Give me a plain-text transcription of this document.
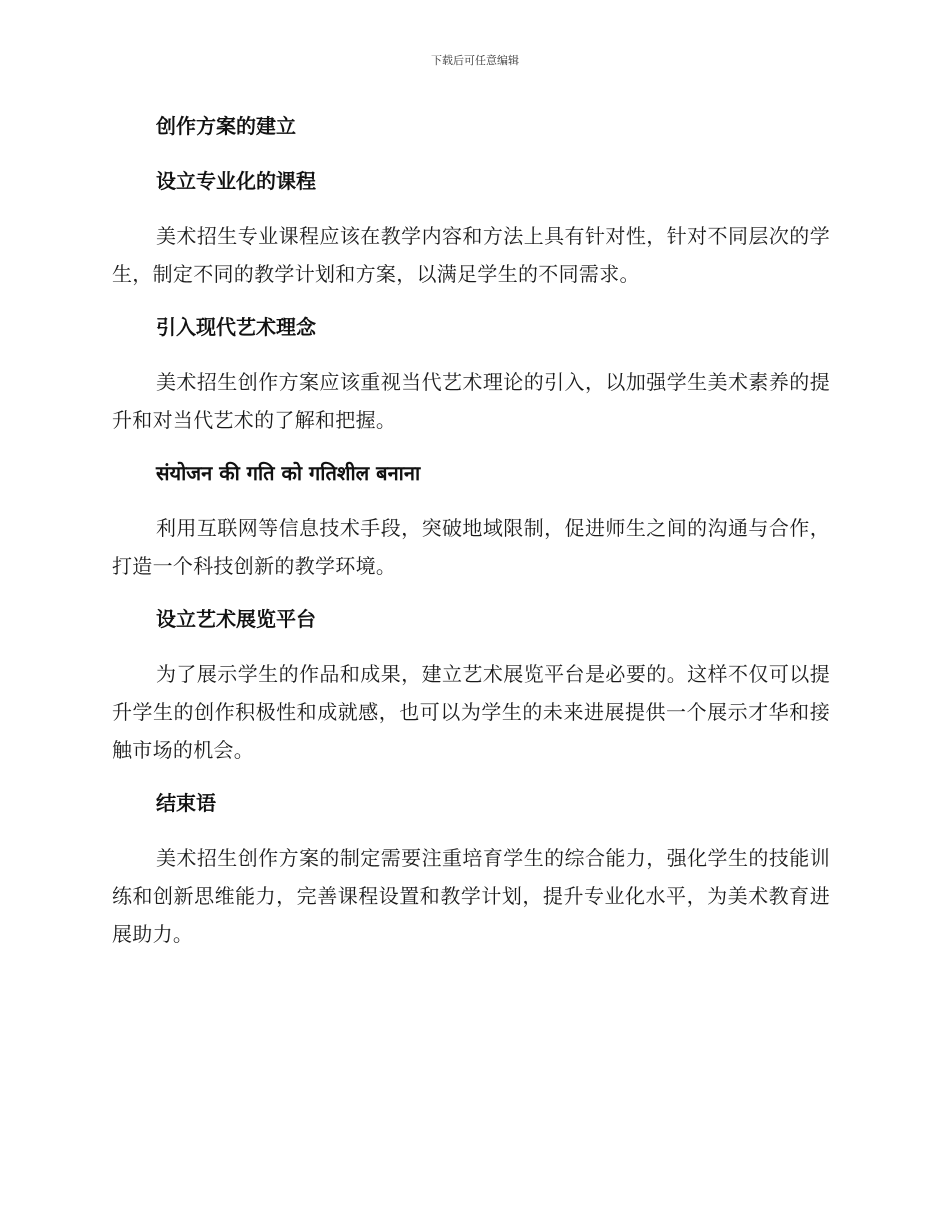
下载后可任意编辑
创作方案的建立
设立专业化的课程

美术招生专业课程应该在教学内容和方法上具有针对性，针对不同层次的学生，制定不同的教学计划和方案，以满足学生的不同需求。

引入现代艺术理念

美术招生创作方案应该重视当代艺术理论的引入，以加强学生美术素养的提升和对当代艺术的了解和把握。

संयोजन की गति को गतिशील बनाना

利用互联网等信息技术手段，突破地域限制，促进师生之间的沟通与合作，打造一个科技创新的教学环境。

设立艺术展览平台

为了展示学生的作品和成果，建立艺术展览平台是必要的。这样不仅可以提升学生的创作积极性和成就感，也可以为学生的未来进展提供一个展示才华和接触市场的机会。

结束语

美术招生创作方案的制定需要注重培育学生的综合能力，强化学生的技能训练和创新思维能力，完善课程设置和教学计划，提升专业化水平，为美术教育进展助力。
